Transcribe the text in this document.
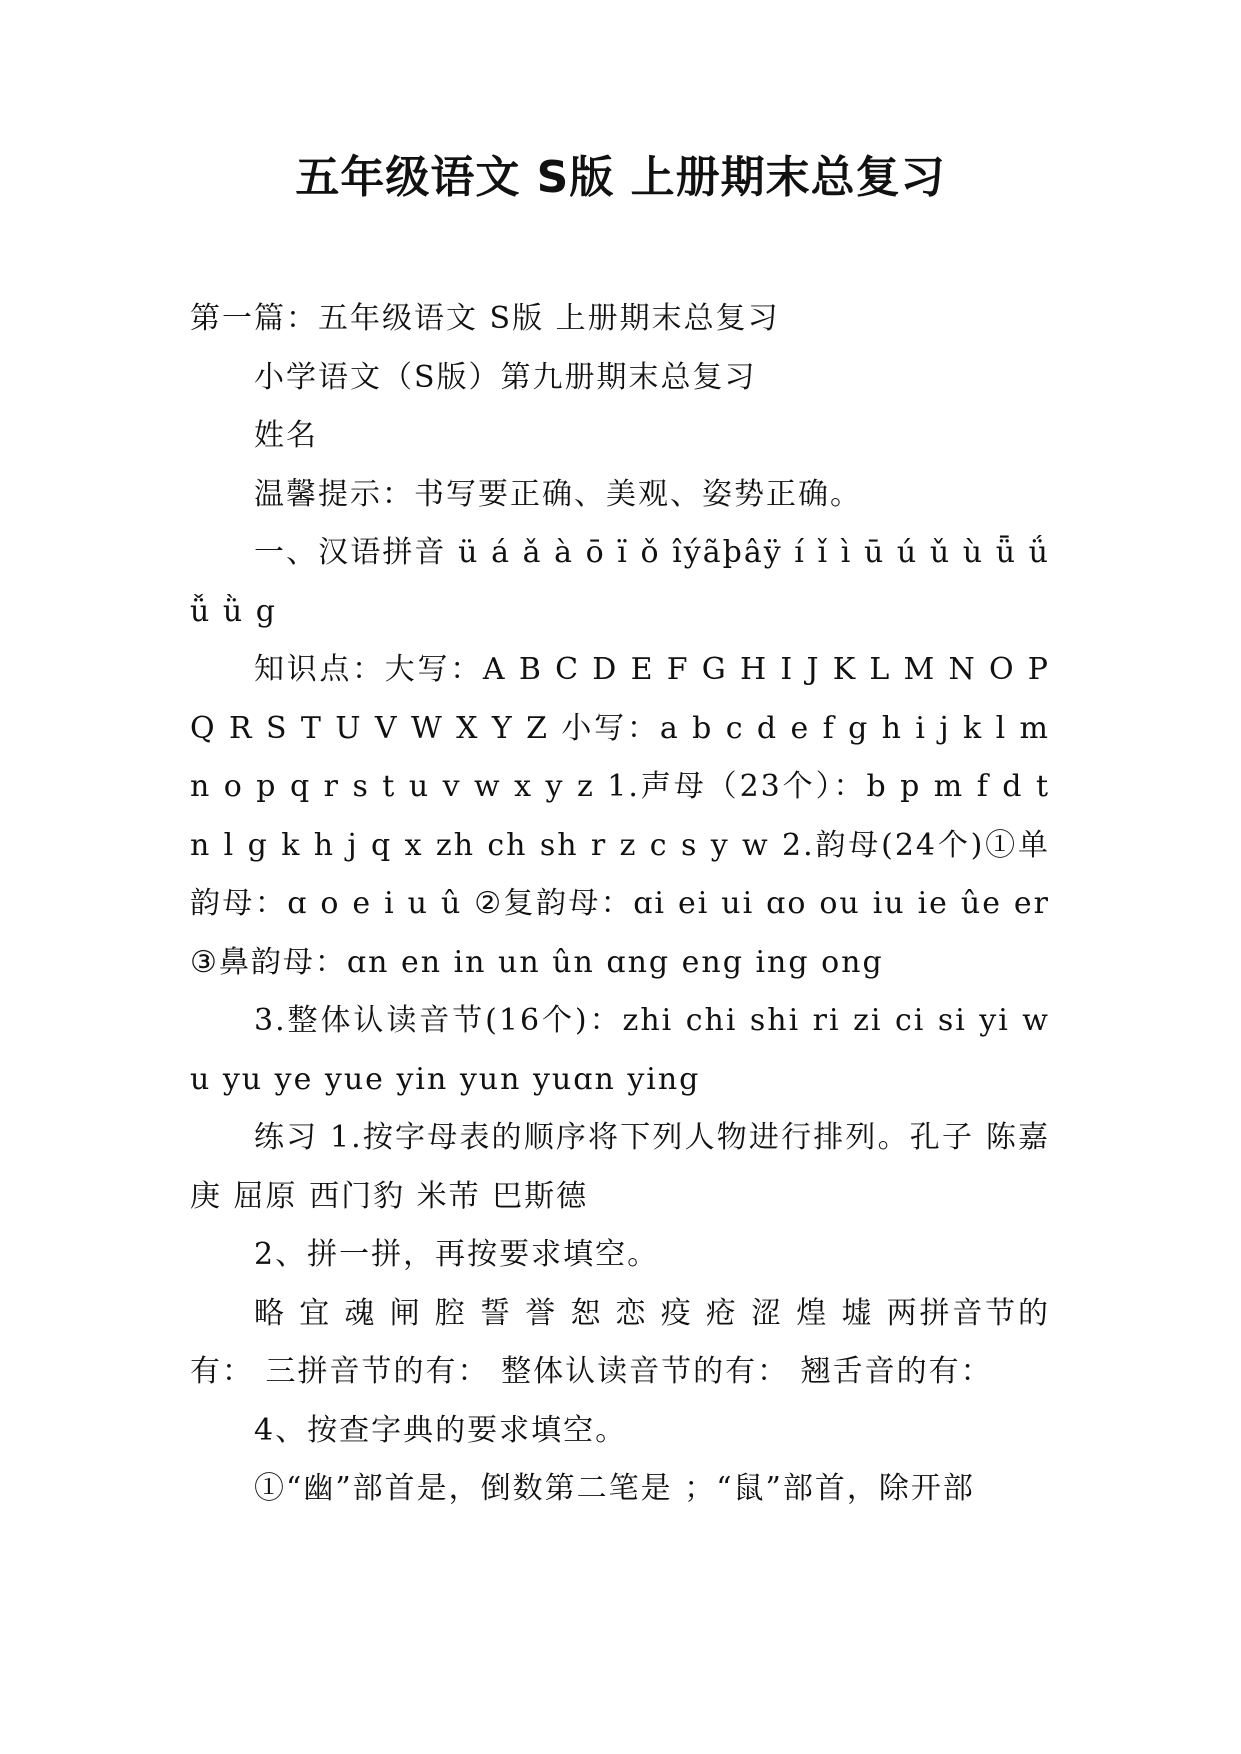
五年级语文 S版 上册期末总复习

第一篇：五年级语文 S版 上册期末总复习

小学语文（S版）第九册期末总复习

姓名

温馨提示：书写要正确、美观、姿势正确。

一、汉语拼音 ü á ǎ à ō ï ǒ îýãþâÿ í ǐ ì ū ú ǔ ù ǖ ǘ ǚ ǜ g

知识点：大写：A B C D E F G H I J K L M N O P Q R S T U V W X Y Z 小写：a b c d e f g h i j k l m n o p q r s t u v w x y z 1.声母（23个）：b p m f d t n l g k h j q x zh ch sh r z c s y w 2.韵母(24个)①单韵母：ɑ o e i u û ②复韵母：ɑi ei ui ɑo ou iu ie ûe er ③鼻韵母：ɑn en in un ûn ɑng eng ing ong

3.整体认读音节(16个)：zhi chi shi ri zi ci si yi wu yu ye yue yin yun yuɑn ying

练习 1.按字母表的顺序将下列人物进行排列。孔子 陈嘉庚 屈原 西门豹 米芾 巴斯德

2、拼一拼，再按要求填空。

略 宜 魂 闸 腔 誓 誉 恕 恋 疫 疮 涩 煌 墟 两拼音节的有： 三拼音节的有： 整体认读音节的有： 翘舌音的有：

4、按查字典的要求填空。

①“幽”部首是，倒数第二笔是 ；“鼠”部首，除开部
